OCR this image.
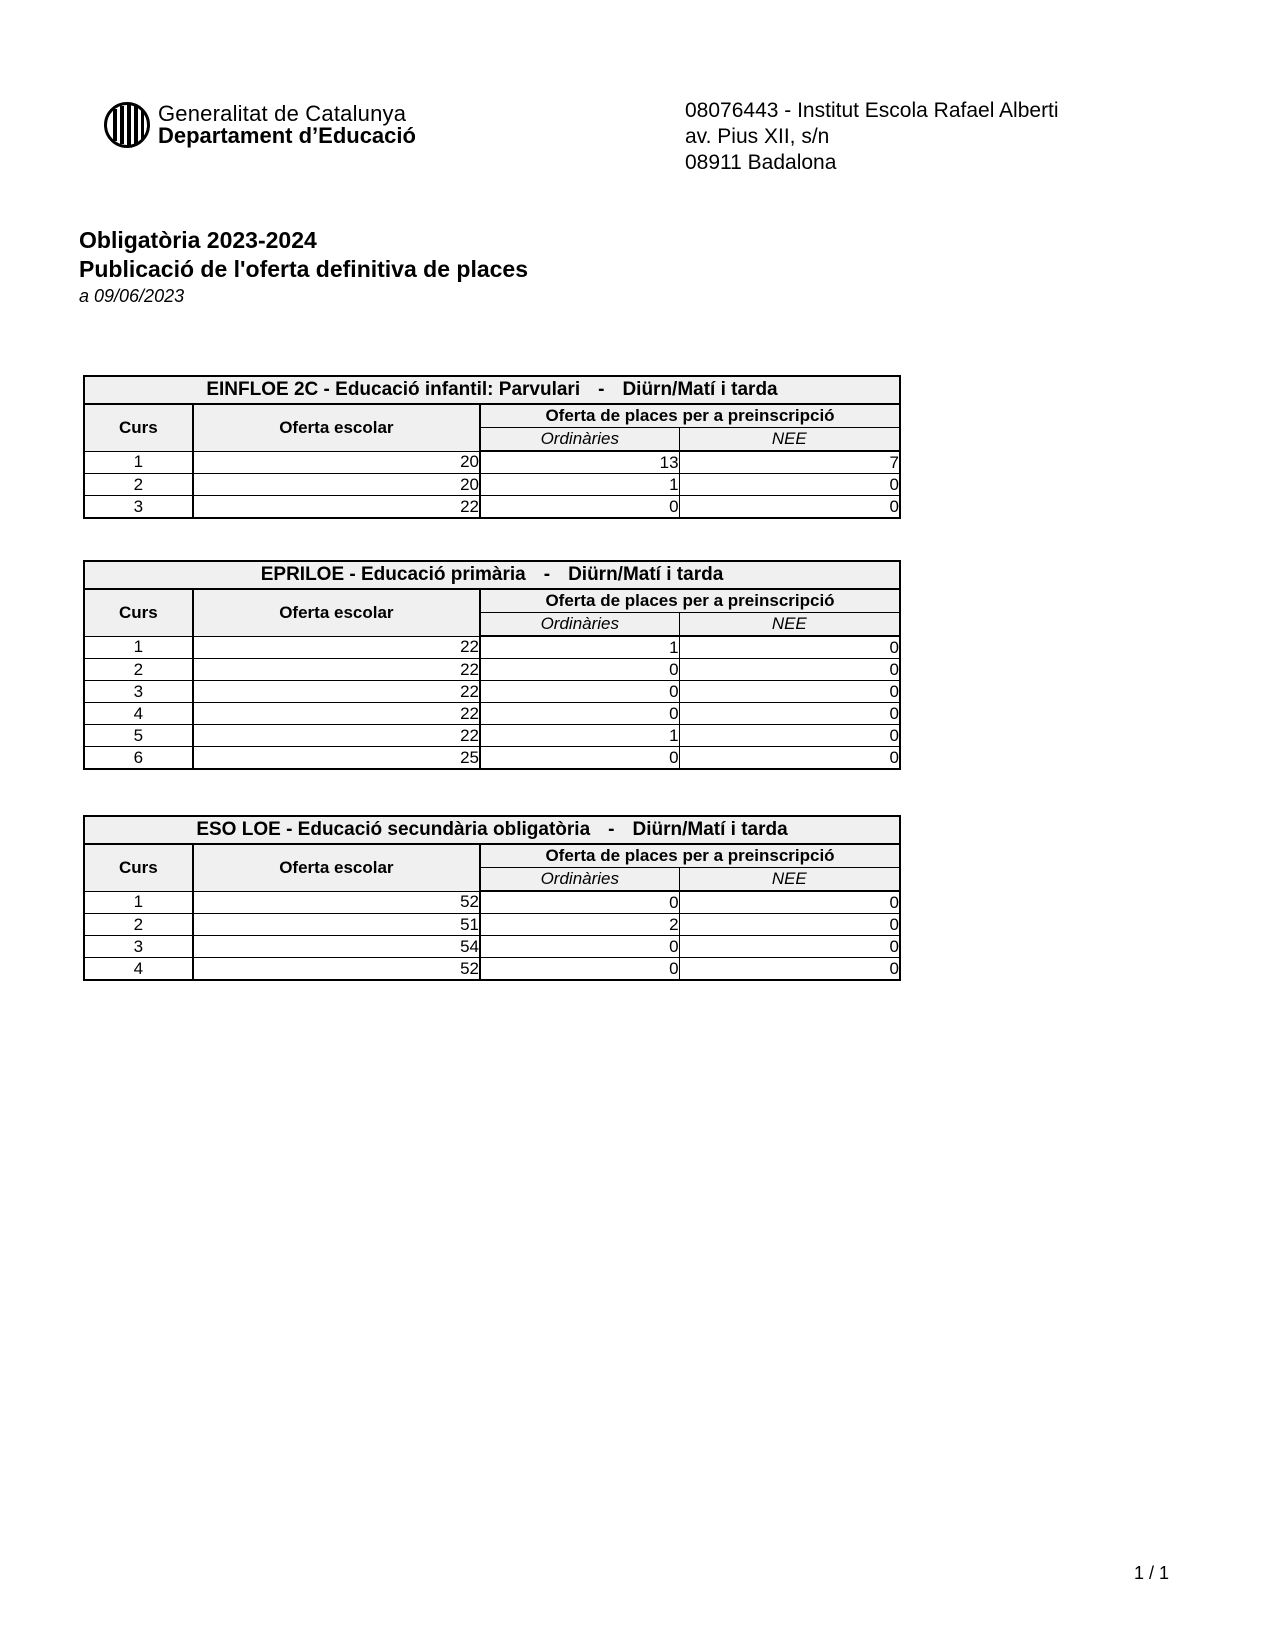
Generalitat de Catalunya
Departament d’Educació
08076443 - Institut Escola Rafael Alberti
av. Pius XII, s/n
08911 Badalona
Obligatòria 2023-2024
Publicació de l'oferta definitiva de places
a 09/06/2023
EINFLOE 2C - Educació infantil: Parvulari - Diürn/Matí i tarda			
Curs	Oferta escolar	Oferta de places per a preinscripció	
		Ordinàries	NEE
1	20	13	7
2	20	1	0
3	22	0	0
EPRILOE - Educació primària - Diürn/Matí i tarda			
Curs	Oferta escolar	Oferta de places per a preinscripció	
		Ordinàries	NEE
1	22	1	0
2	22	0	0
3	22	0	0
4	22	0	0
5	22	1	0
6	25	0	0
ESO LOE - Educació secundària obligatòria - Diürn/Matí i tarda			
Curs	Oferta escolar	Oferta de places per a preinscripció	
		Ordinàries	NEE
1	52	0	0
2	51	2	0
3	54	0	0
4	52	0	0
1 / 1
